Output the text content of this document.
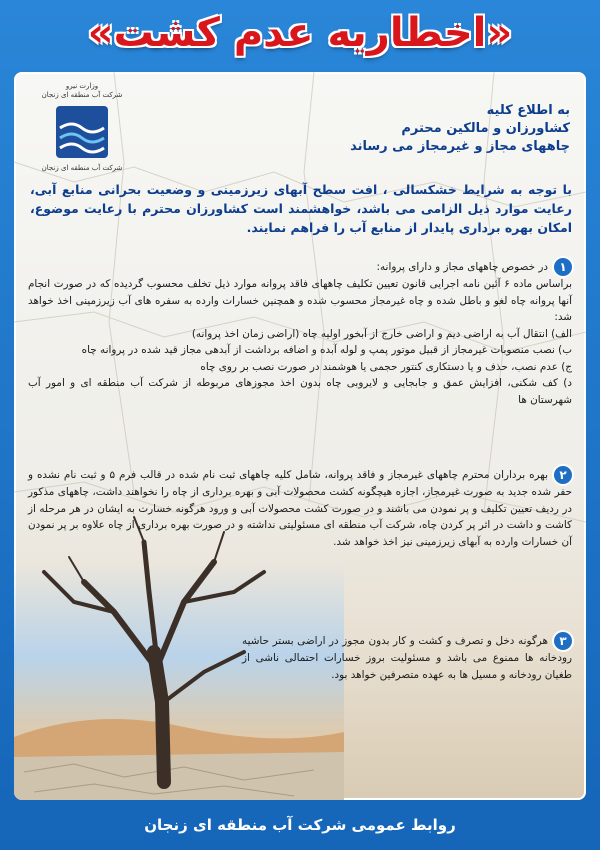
«اخطاریه عدم کشت»
وزارت نیرو
شرکت آب منطقه ای زنجان
شرکت آب منطقه ای زنجان

به اطلاع کلیه

کشاورزان و مالکین محترم

چاههای مجاز و غیرمجاز می رساند

با توجه به شرایط خشکسالی ، افت سطح آبهای زیرزمینی و وضعیت بحرانی منابع آبی، رعایت موارد ذیل الزامی می باشد، خواهشمند است کشاورزان محترم با رعایت موضوع، امکان بهره برداری پایدار از منابع آب را فراهم نمایند.

۱در خصوص چاههای مجاز و دارای پروانه:

براساس ماده ۶ آئین نامه اجرایی قانون تعیین تکلیف چاههای فاقد پروانه موارد ذیل تخلف محسوب گردیده که در صورت انجام آنها پروانه چاه لغو و باطل شده و چاه غیرمجاز محسوب شده و همچنین خسارات وارده به سفره های آب زیرزمینی اخذ خواهد شد:

الف) انتقال آب به اراضی دیم و اراضی خارج از آبخور اولیه چاه (اراضی زمان اخذ پروانه)

ب) نصب منصوبات غیرمجاز از قبیل موتور پمپ و لوله آبده و اضافه برداشت از آبدهی مجاز قید شده در پروانه چاه

ج) عدم نصب، حذف و یا دستکاری کنتور حجمی یا هوشمند در صورت نصب بر روی چاه

د) کف شکنی، افزایش عمق و جابجایی و لایروبی چاه بدون اخذ مجوزهای مربوطه از شرکت آب منطقه ای و امور آب شهرستان ها

۲بهره برداران محترم چاههای غیرمجاز و فاقد پروانه، شامل کلیه چاههای ثبت نام شده در قالب فرم ۵ و ثبت نام نشده و حفر شده جدید به صورت غیرمجاز، اجازه هیچگونه کشت محصولات آبی و بهره برداری از چاه را نخواهند داشت، چاههای مذکور در ردیف تعیین تکلیف و پر نمودن می باشند و در صورت کشت محصولات آبی و ورود هرگونه خسارت به ایشان در هر مرحله از کاشت و داشت در اثر پر کردن چاه، شرکت آب منطقه ای مسئولیتی نداشته و در صورت بهره برداری از چاه علاوه بر پر نمودن آن خسارات وارده به آبهای زیرزمینی نیز اخذ خواهد شد.

۳هرگونه دخل و تصرف و کشت و کار بدون مجوز در اراضی بستر حاشیه رودخانه ها ممنوع می باشد و مسئولیت بروز خسارات احتمالی ناشی از طغیان رودخانه و مسیل ها به عهده متصرفین خواهد بود.

روابط عمومی شرکت آب منطقه ای زنجان
